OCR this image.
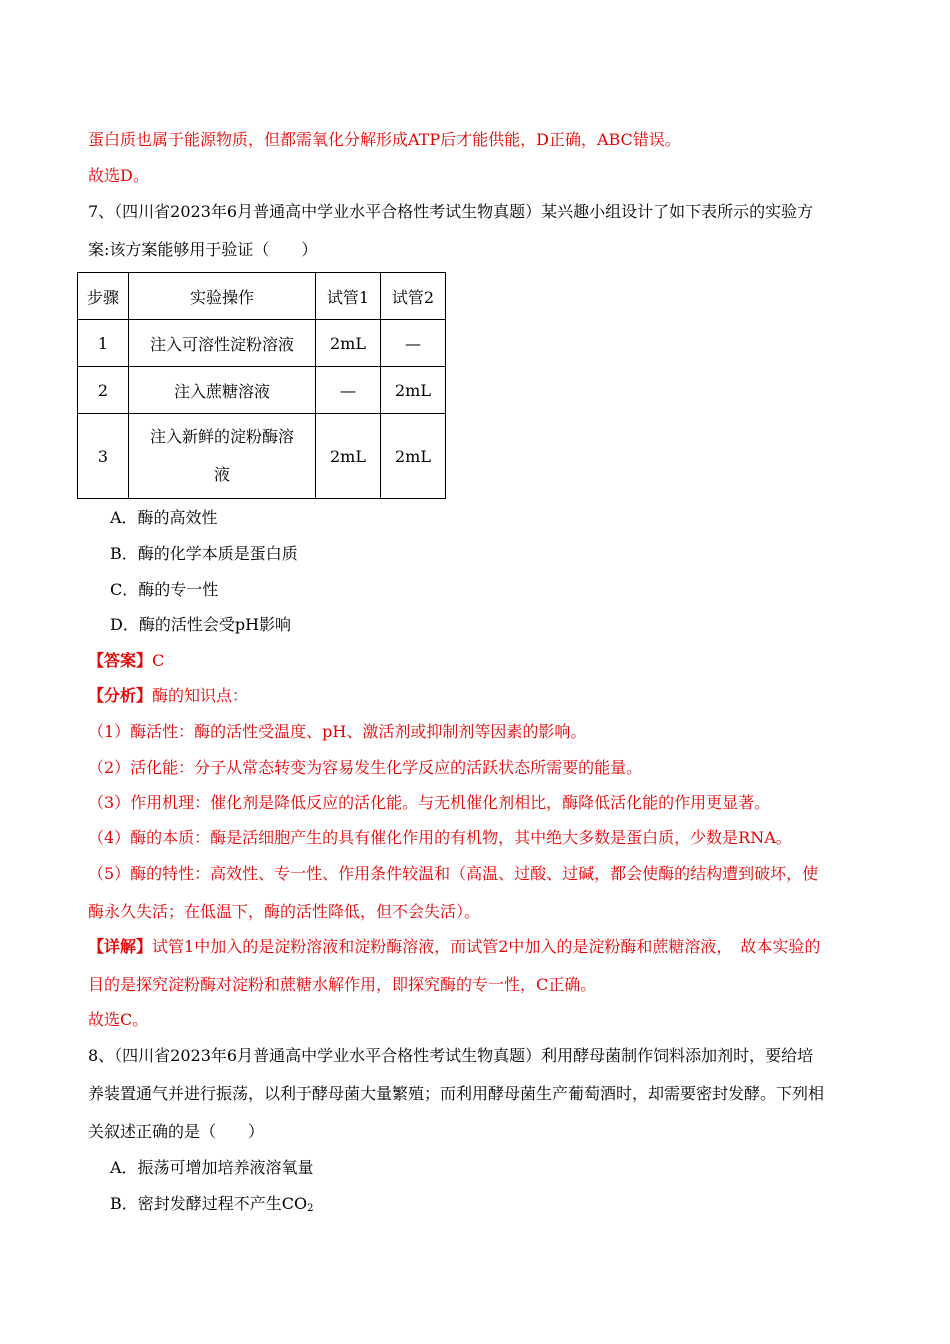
蛋白质也属于能源物质，但都需氧化分解形成ATP后才能供能，D正确，ABC错误。
故选D。
7、（四川省2023年6月普通高中学业水平合格性考试生物真题）某兴趣小组设计了如下表所示的实验方
案:该方案能够用于验证（　　）
步骤	实验操作	试管1	试管2
1	注入可溶性淀粉溶液	2mL	—
2	注入蔗糖溶液	—	2mL
3	注入新鲜的淀粉酶溶
液	2mL	2mL
A．酶的高效性
B．酶的化学本质是蛋白质
C．酶的专一性
D．酶的活性会受pH影响
【答案】C
【分析】酶的知识点：
（1）酶活性：酶的活性受温度、pH、激活剂或抑制剂等因素的影响。
（2）活化能：分子从常态转变为容易发生化学反应的活跃状态所需要的能量。
（3）作用机理：催化剂是降低反应的活化能。与无机催化剂相比，酶降低活化能的作用更显著。
（4）酶的本质：酶是活细胞产生的具有催化作用的有机物，其中绝大多数是蛋白质，少数是RNA。
（5）酶的特性：高效性、专一性、作用条件较温和（高温、过酸、过碱，都会使酶的结构遭到破坏，使
酶永久失活；在低温下，酶的活性降低，但不会失活）。
【详解】试管1中加入的是淀粉溶液和淀粉酶溶液，而试管2中加入的是淀粉酶和蔗糖溶液，　故本实验的
目的是探究淀粉酶对淀粉和蔗糖水解作用，即探究酶的专一性，C正确。
故选C。
8、（四川省2023年6月普通高中学业水平合格性考试生物真题）利用酵母菌制作饲料添加剂时，要给培
养装置通气并进行振荡，以利于酵母菌大量繁殖；而利用酵母菌生产葡萄酒时，却需要密封发酵。下列相
关叙述正确的是（　　）
A．振荡可增加培养液溶氧量
B．密封发酵过程不产生$CO_2$
